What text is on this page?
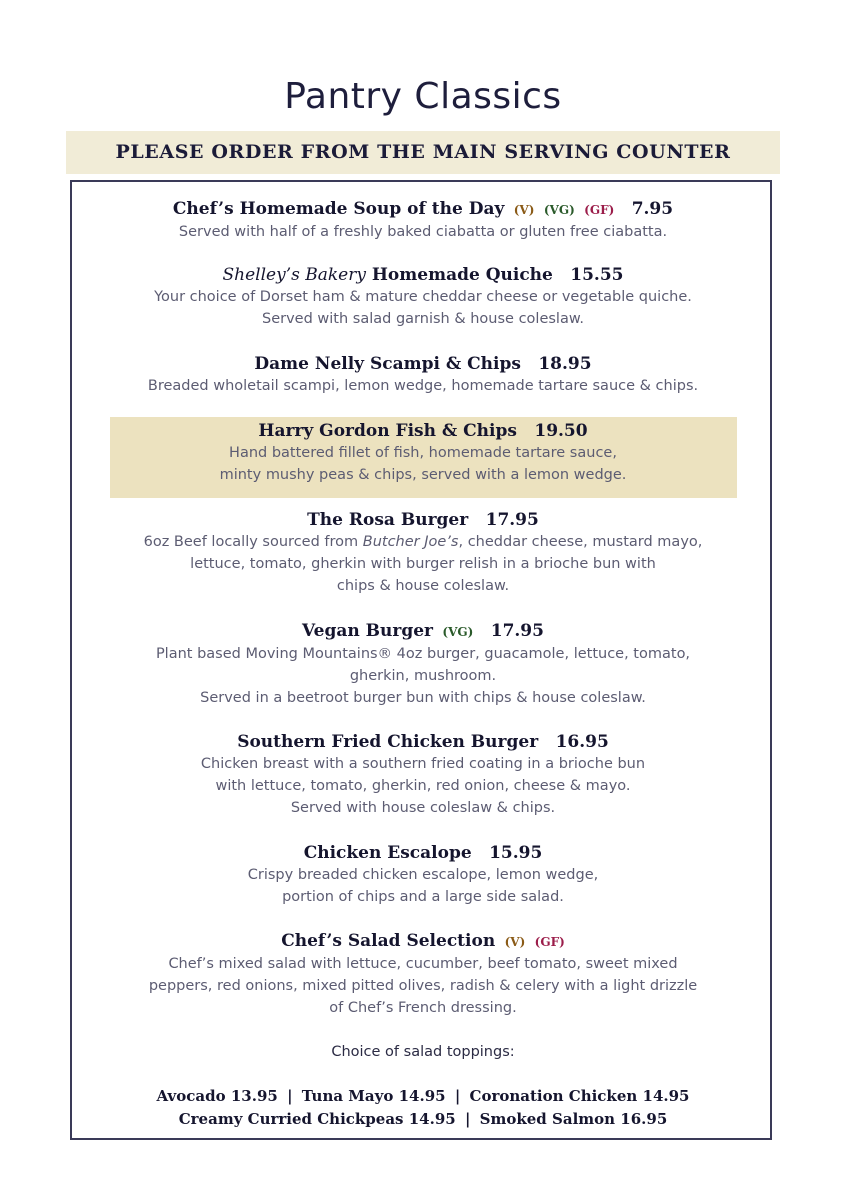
Pantry Classics
PLEASE ORDER FROM THE MAIN SERVING COUNTER
Chef’s Homemade Soup of the Day (V) (VG) (GF) 7.95
Served with half of a freshly baked ciabatta or gluten free ciabatta.
Shelley’s Bakery Homemade Quiche 15.55
Your choice of Dorset ham & mature cheddar cheese or vegetable quiche.
Served with salad garnish & house coleslaw.
Dame Nelly Scampi & Chips 18.95
Breaded wholetail scampi, lemon wedge, homemade tartare sauce & chips.
Harry Gordon Fish & Chips 19.50
Hand battered fillet of fish, homemade tartare sauce,
minty mushy peas & chips, served with a lemon wedge.
The Rosa Burger 17.95
6oz Beef locally sourced from Butcher Joe’s, cheddar cheese, mustard mayo,
lettuce, tomato, gherkin with burger relish in a brioche bun with
chips & house coleslaw.
Vegan Burger (VG) 17.95
Plant based Moving Mountains® 4oz burger, guacamole, lettuce, tomato,
gherkin, mushroom.
Served in a beetroot burger bun with chips & house coleslaw.
Southern Fried Chicken Burger 16.95
Chicken breast with a southern fried coating in a brioche bun
with lettuce, tomato, gherkin, red onion, cheese & mayo.
Served with house coleslaw & chips.
Chicken Escalope 15.95
Crispy breaded chicken escalope, lemon wedge,
portion of chips and a large side salad.
Chef’s Salad Selection (V) (GF)
Chef’s mixed salad with lettuce, cucumber, beef tomato, sweet mixed
peppers, red onions, mixed pitted olives, radish & celery with a light drizzle
of Chef’s French dressing.
Choice of salad toppings:
Avocado 13.95 | Tuna Mayo 14.95 | Coronation Chicken 14.95
Creamy Curried Chickpeas 14.95 | Smoked Salmon 16.95
